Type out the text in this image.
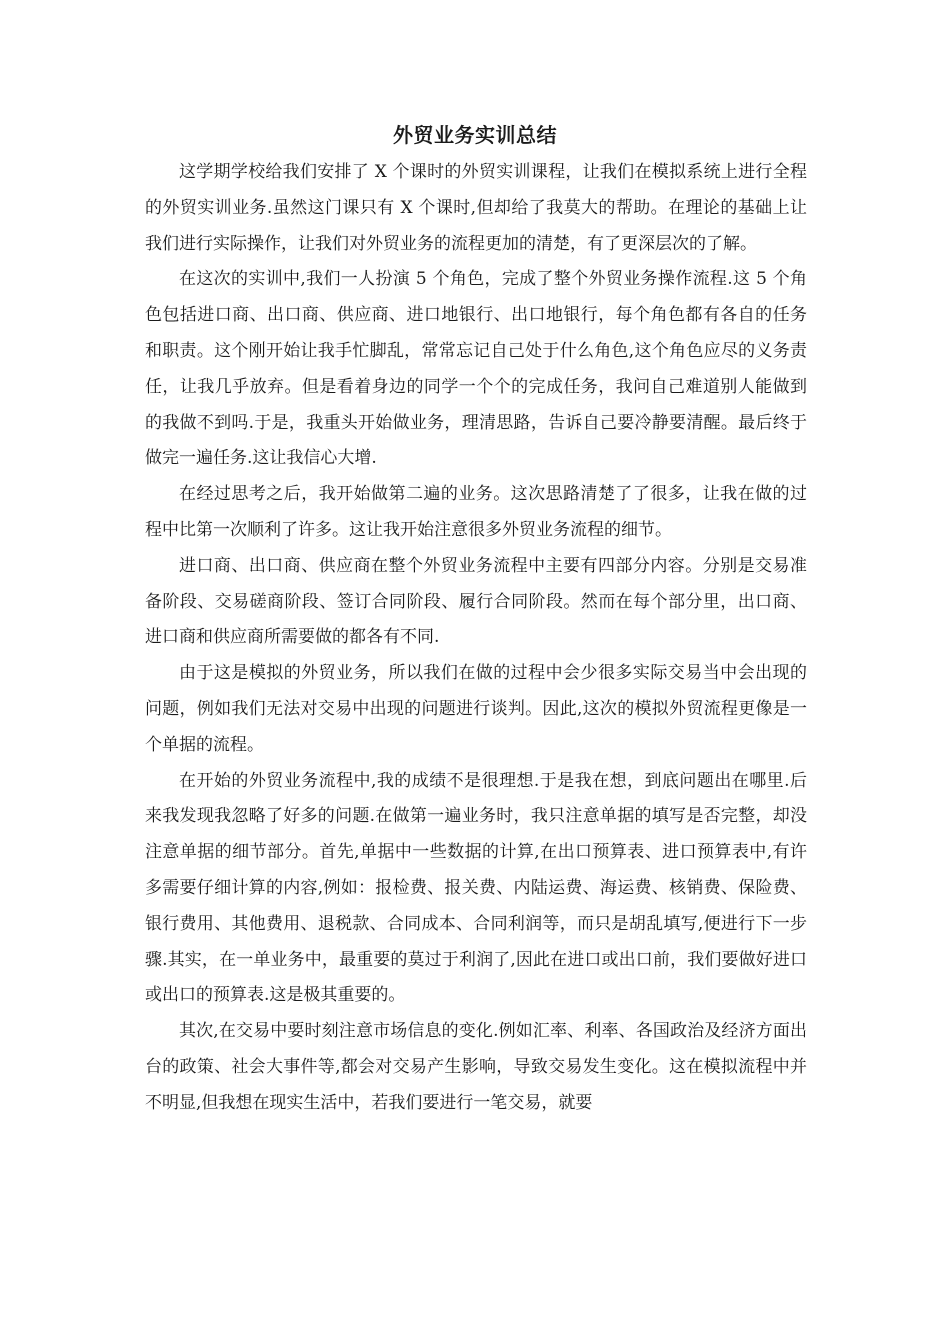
外贸业务实训总结

这学期学校给我们安排了 X 个课时的外贸实训课程，让我们在模拟系统上进行全程的外贸实训业务.虽然这门课只有 X 个课时,但却给了我莫大的帮助。在理论的基础上让我们进行实际操作，让我们对外贸业务的流程更加的清楚，有了更深层次的了解。

在这次的实训中,我们一人扮演 5 个角色，完成了整个外贸业务操作流程.这 5 个角色包括进口商、出口商、供应商、进口地银行、出口地银行，每个角色都有各自的任务和职责。这个刚开始让我手忙脚乱，常常忘记自己处于什么角色,这个角色应尽的义务责任，让我几乎放弃。但是看着身边的同学一个个的完成任务，我问自己难道别人能做到的我做不到吗.于是，我重头开始做业务，理清思路，告诉自己要冷静要清醒。最后终于做完一遍任务.这让我信心大增.

在经过思考之后，我开始做第二遍的业务。这次思路清楚了了很多，让我在做的过程中比第一次顺利了许多。这让我开始注意很多外贸业务流程的细节。

进口商、出口商、供应商在整个外贸业务流程中主要有四部分内容。分别是交易准备阶段、交易磋商阶段、签订合同阶段、履行合同阶段。然而在每个部分里，出口商、进口商和供应商所需要做的都各有不同.

由于这是模拟的外贸业务，所以我们在做的过程中会少很多实际交易当中会出现的问题，例如我们无法对交易中出现的问题进行谈判。因此,这次的模拟外贸流程更像是一个单据的流程。

在开始的外贸业务流程中,我的成绩不是很理想.于是我在想，到底问题出在哪里.后来我发现我忽略了好多的问题.在做第一遍业务时，我只注意单据的填写是否完整，却没注意单据的细节部分。首先,单据中一些数据的计算,在出口预算表、进口预算表中,有许多需要仔细计算的内容,例如：报检费、报关费、内陆运费、海运费、核销费、保险费、银行费用、其他费用、退税款、合同成本、合同利润等，而只是胡乱填写,便进行下一步骤.其实，在一单业务中，最重要的莫过于利润了,因此在进口或出口前，我们要做好进口或出口的预算表.这是极其重要的。

其次,在交易中要时刻注意市场信息的变化.例如汇率、利率、各国政治及经济方面出台的政策、社会大事件等,都会对交易产生影响，导致交易发生变化。这在模拟流程中并不明显,但我想在现实生活中，若我们要进行一笔交易，就要
